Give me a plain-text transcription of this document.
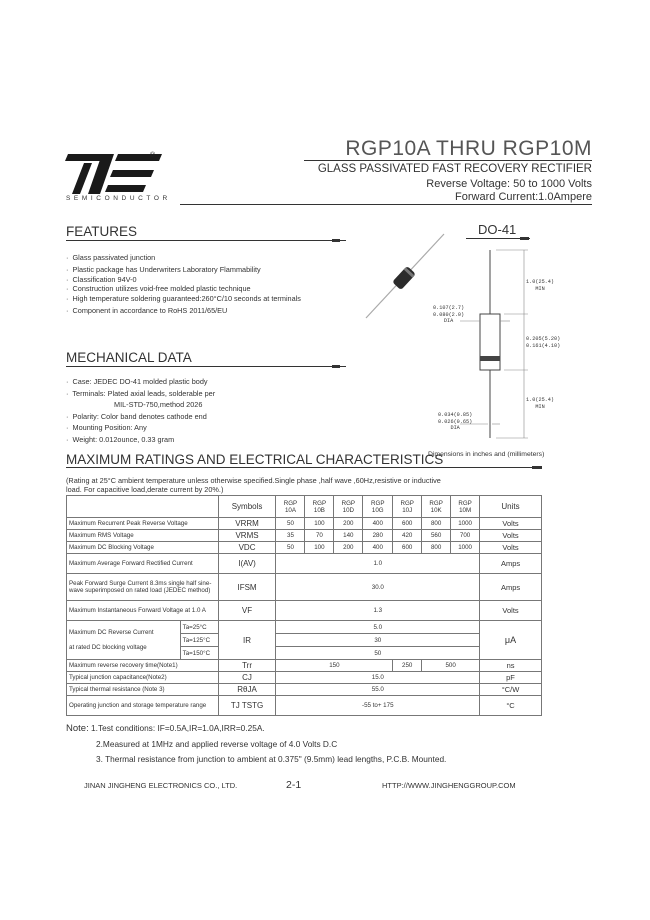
®
SEMICONDUCTOR
RGP10A THRU RGP10M
GLASS PASSIVATED FAST RECOVERY RECTIFIER
Reverse Voltage: 50 to 1000 Volts
Forward Current:1.0Ampere
FEATURES
·  Glass passivated junction
·  Plastic package has Underwriters Laboratory Flammability
·  Classification 94V-0
·  Construction utilizes void-free molded plastic technique
·  High temperature soldering guaranteed:260°C/10 seconds at terminals
·  Component in accordance to RoHS 2011/65/EU
DO-41
1.0(25.4)
MIN
0.107(2.7)
0.080(2.0)
DIA
0.205(5.20)
0.161(4.10)
1.0(25.4)
MIN
0.034(0.85)
0.026(0.65)
DIA
MECHANICAL DATA
·  Case: JEDEC DO-41 molded plastic body
·  Terminals: Plated axial leads, solderable per
MIL-STD-750,method 2026
·  Polarity: Color band denotes cathode end
·  Mounting Position: Any
·  Weight: 0.012ounce, 0.33 gram
MAXIMUM RATINGS AND ELECTRICAL CHARACTERISTICS
Dimensions in inches and (millimeters)
(Rating at 25°C ambient temperature unless otherwise specified.Single phase ,half wave ,60Hz,resistive or inductive
load. For capacitive load,derate current by 20%.)
		Symbols	RGP
10A	RGP
10B	RGP
10D	RGP
10G	RGP
10J	RGP
10K	RGP
10M	Units
Maximum Recurrent Peak Reverse Voltage		VRRM	50	100	200	400	600	800	1000	Volts
Maximum RMS Voltage		VRMS	35	70	140	280	420	560	700	Volts
Maximum DC Blocking Voltage		VDC	50	100	200	400	600	800	1000	Volts
Maximum Average Forward Rectified Current		I(AV)	1.0							Amps
Peak Forward Surge Current 8.3ms single half sine-wave superimposed on rated load (JEDEC method)		IFSM	30.0							Amps
Maximum Instantaneous Forward Voltage at 1.0 A		VF	1.3							Volts

Maximum DC Reverse Current
at rated DC blocking voltage	Ta=25°C	IR	5.0							μA
	Ta=125°C		30							
	Ta=150°C		50							
Maximum reverse recovery time(Note1)		Trr	150				250	500		ns
Typical junction capacitance(Note2)		CJ	15.0							pF
Typical thermal resistance (Note 3)		RθJA	55.0							°C/W
Operating junction and storage temperature range		TJ TSTG	-55 to+ 175							°C
Note: 1.Test conditions: IF=0.5A,IR=1.0A,IRR=0.25A.
2.Measured at 1MHz and applied reverse voltage of 4.0 Volts D.C
3. Thermal resistance from junction to ambient at 0.375" (9.5mm) lead lengths, P.C.B. Mounted.
JINAN JINGHENG ELECTRONICS CO., LTD.	2-1	HTTP://WWW.JINGHENGGROUP.COM
